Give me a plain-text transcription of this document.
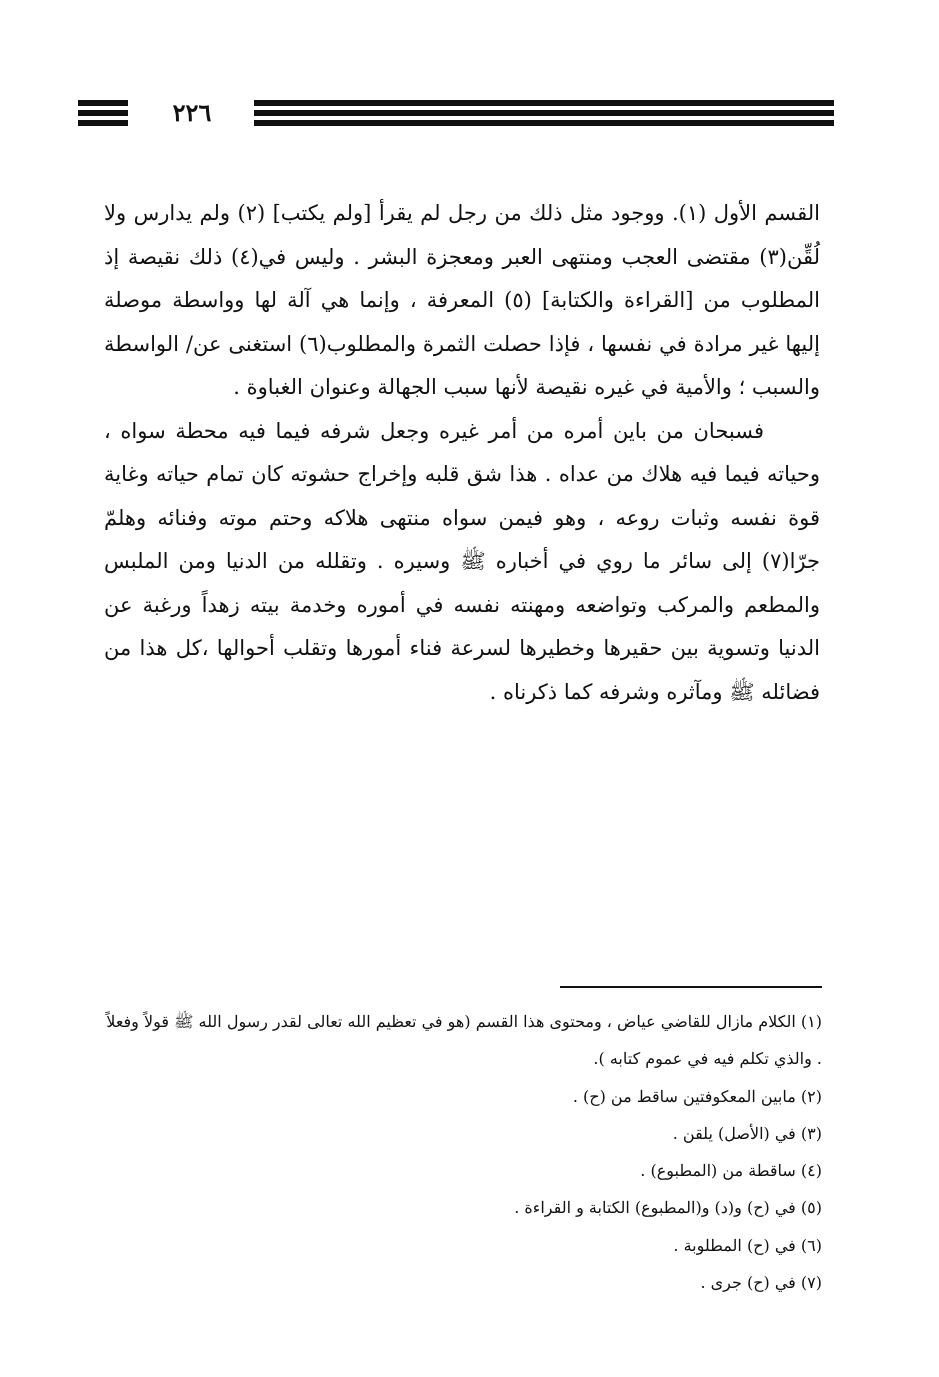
٢٢٦

القسم الأول (١). ووجود مثل ذلك من رجل لم يقرأ [ولم يكتب] (٢) ولم يدارس ولا لُقِّن(٣) مقتضى العجب ومنتهى العبر ومعجزة البشر . وليس في(٤) ذلك نقيصة إذ المطلوب من [القراءة والكتابة] (٥) المعرفة ، وإنما هي آلة لها وواسطة موصلة إليها غير مرادة في نفسها ، فإذا حصلت الثمرة والمطلوب(٦) استغنى عن/ الواسطة والسبب ؛ والأمية في غيره نقيصة لأنها سبب الجهالة وعنوان الغباوة .

فسبحان من باين أمره من أمر غيره وجعل شرفه فيما فيه محطة سواه ، وحياته فيما فيه هلاك من عداه . هذا شق قلبه وإخراج حشوته كان تمام حياته وغاية قوة نفسه وثبات روعه ، وهو فيمن سواه منتهى هلاكه وحتم موته وفنائه وهلمّ جرّا(٧) إلى سائر ما روي في أخباره ﷺ وسيره . وتقلله من الدنيا ومن الملبس والمطعم والمركب وتواضعه ومهنته نفسه في أموره وخدمة بيته زهداً ورغبة عن الدنيا وتسوية بين حقيرها وخطيرها لسرعة فناء أمورها وتقلب أحوالها ،كل هذا من فضائله ﷺ ومآثره وشرفه كما ذكرناه .

(١) الكلام مازال للقاضي عياض ، ومحتوى هذا القسم (هو في تعظيم الله تعالى لقدر رسول الله ﷺ قولاً وفعلاً . والذي تكلم فيه في عموم كتابه ).
(٢) مابين المعكوفتين ساقط من (ح) .
(٣) في (الأصل) يلقن .
(٤) ساقطة من (المطبوع) .
(٥) في (ح) و(د) و(المطبوع) الكتابة و القراءة .
(٦) في (ح) المطلوبة .
(٧) في (ح) جرى .
